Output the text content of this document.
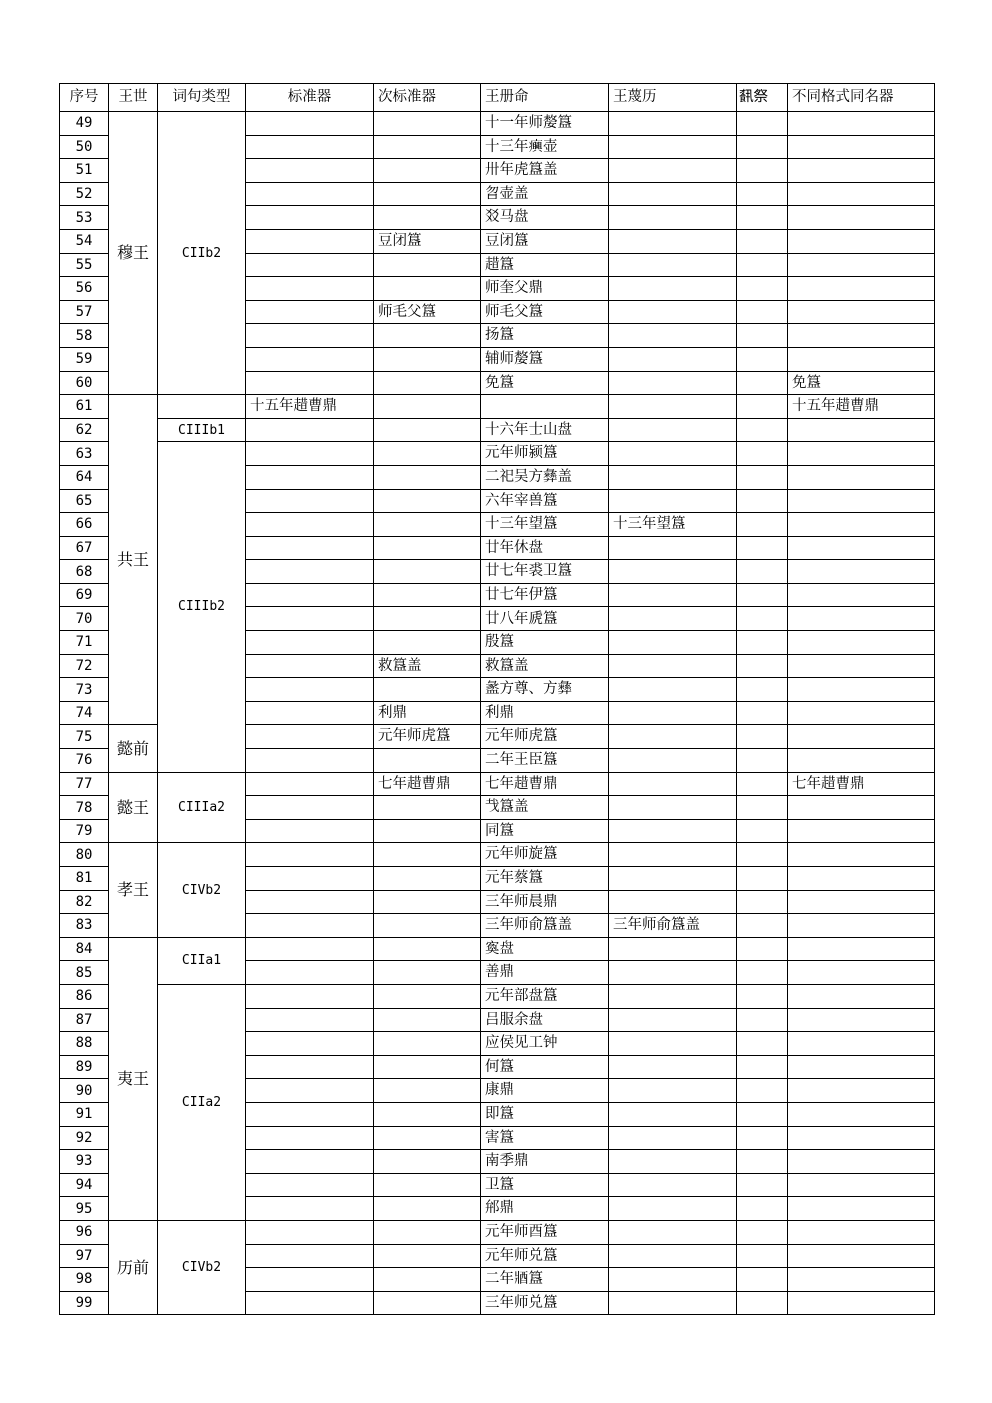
序号	王世	词句类型	标准器	次标准器	王册命	王蔑历	𩛥祭	不同格式同名器
49	穆王	CIIb2			十一年师嫠簋			
50					十三年𤼈壶			
51					卅年虎簋盖			
52					曶壶盖			
53					㸚马盘			
54				豆闭簋	豆闭簋			
55					趞簋			
56					师奎父鼎			
57				师毛父簋	师毛父簋			
58					扬簋			
59					辅师嫠簋			
60					免簋			免簋
61	共王		十五年趞曹鼎					十五年趞曹鼎
62		CIIIb1			十六年士山盘			
63		CIIIb2			元年师颍簋			
64					二祀吴方彝盖			
65					六年宰兽簋			
66					十三年望簋	十三年望簋		
67					廿年休盘			
68					廿七年裘卫簋			
69					廿七年伊簋			
70					廿八年虒簋			
71					殷簋			
72				救簋盖	救簋盖			
73					盠方尊、方彝			
74				利鼎	利鼎			
75	懿前			元年师虎簋	元年师虎簋			
76					二年王臣簋			
77	懿王	CIIIa2		七年趞曹鼎	七年趞曹鼎			七年趞曹鼎
78					𢦏簋盖			
79					同簋			
80	孝王	CIVb2			元年师旋簋			
81					元年蔡簋			
82					三年师晨鼎			
83					三年师俞簋盖	三年师俞簋盖		
84	夷王	CIIa1			寏盘			
85					善鼎			
86		CIIa2			元年部盘簋			
87					吕服余盘			
88					应侯见工钟			
89					何簋			
90					康鼎			
91					即簋			
92					害簋			
93					南季鼎			
94					卫簋			
95					𨚕鼎			
96	历前	CIVb2			元年师酉簋			
97					元年师兑簋			
98					二年𨟻簋			
99					三年师兑簋			
